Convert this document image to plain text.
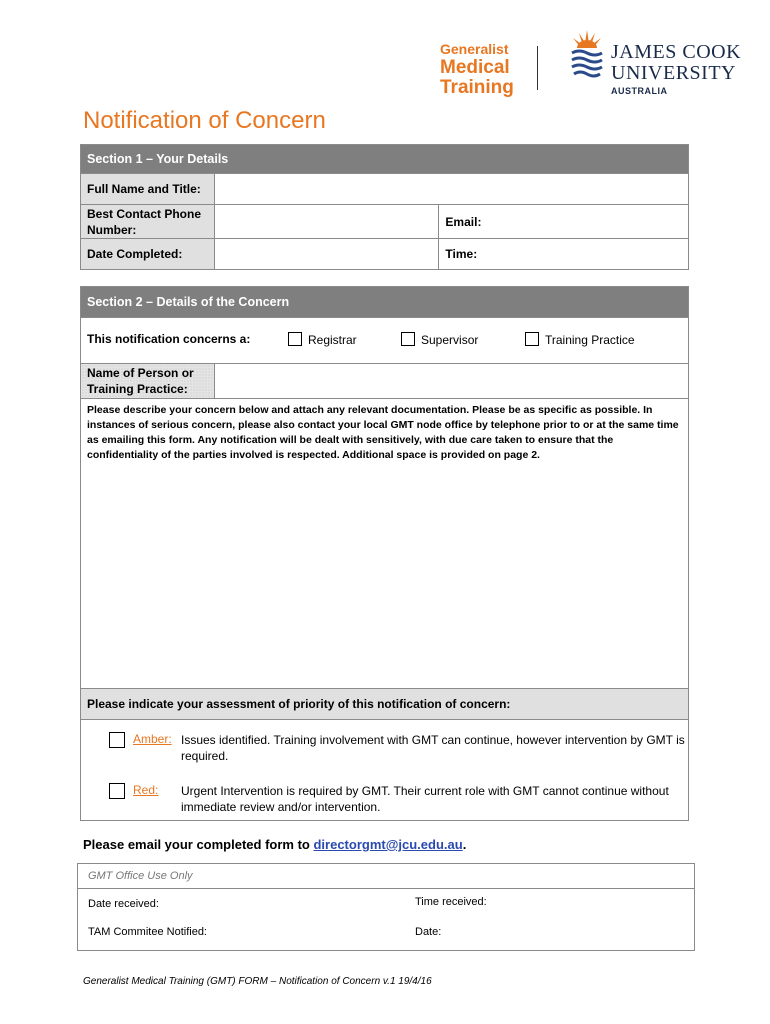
Generalist
Medical
Training
JAMES COOK
UNIVERSITY
AUSTRALIA
Notification of Concern
Section 1 – Your Details		
Full Name and Title:		
Best Contact Phone Number:		Email:
Date Completed:		Time:
Section 2 – Details of the Concern

This notification concerns a:	Registrar	Supervisor	Training Practice

Name of Person or Training Practice:	

Please describe your concern below and attach any relevant documentation. Please be as specific as possible. In instances of serious concern, please also contact your local GMT node office by telephone prior to or at the same time as emailing this form. Any notification will be dealt with sensitively, with due care taken to ensure that the confidentiality of the parties involved is respected. Additional space is provided on page 2.

Please indicate your assessment of priority of this notification of concern:

Amber: Issues identified. Training involvement with GMT can continue, however intervention by GMT is required.
Red: Urgent Intervention is required by GMT. Their current role with GMT cannot continue without immediate review and/or intervention.
Please email your completed form to directorgmt@jcu.edu.au.
GMT Office Use Only
Date received:	Time received:
TAM Commitee Notified:	Date:
Generalist Medical Training (GMT) FORM – Notification of Concern v.1 19/4/16
